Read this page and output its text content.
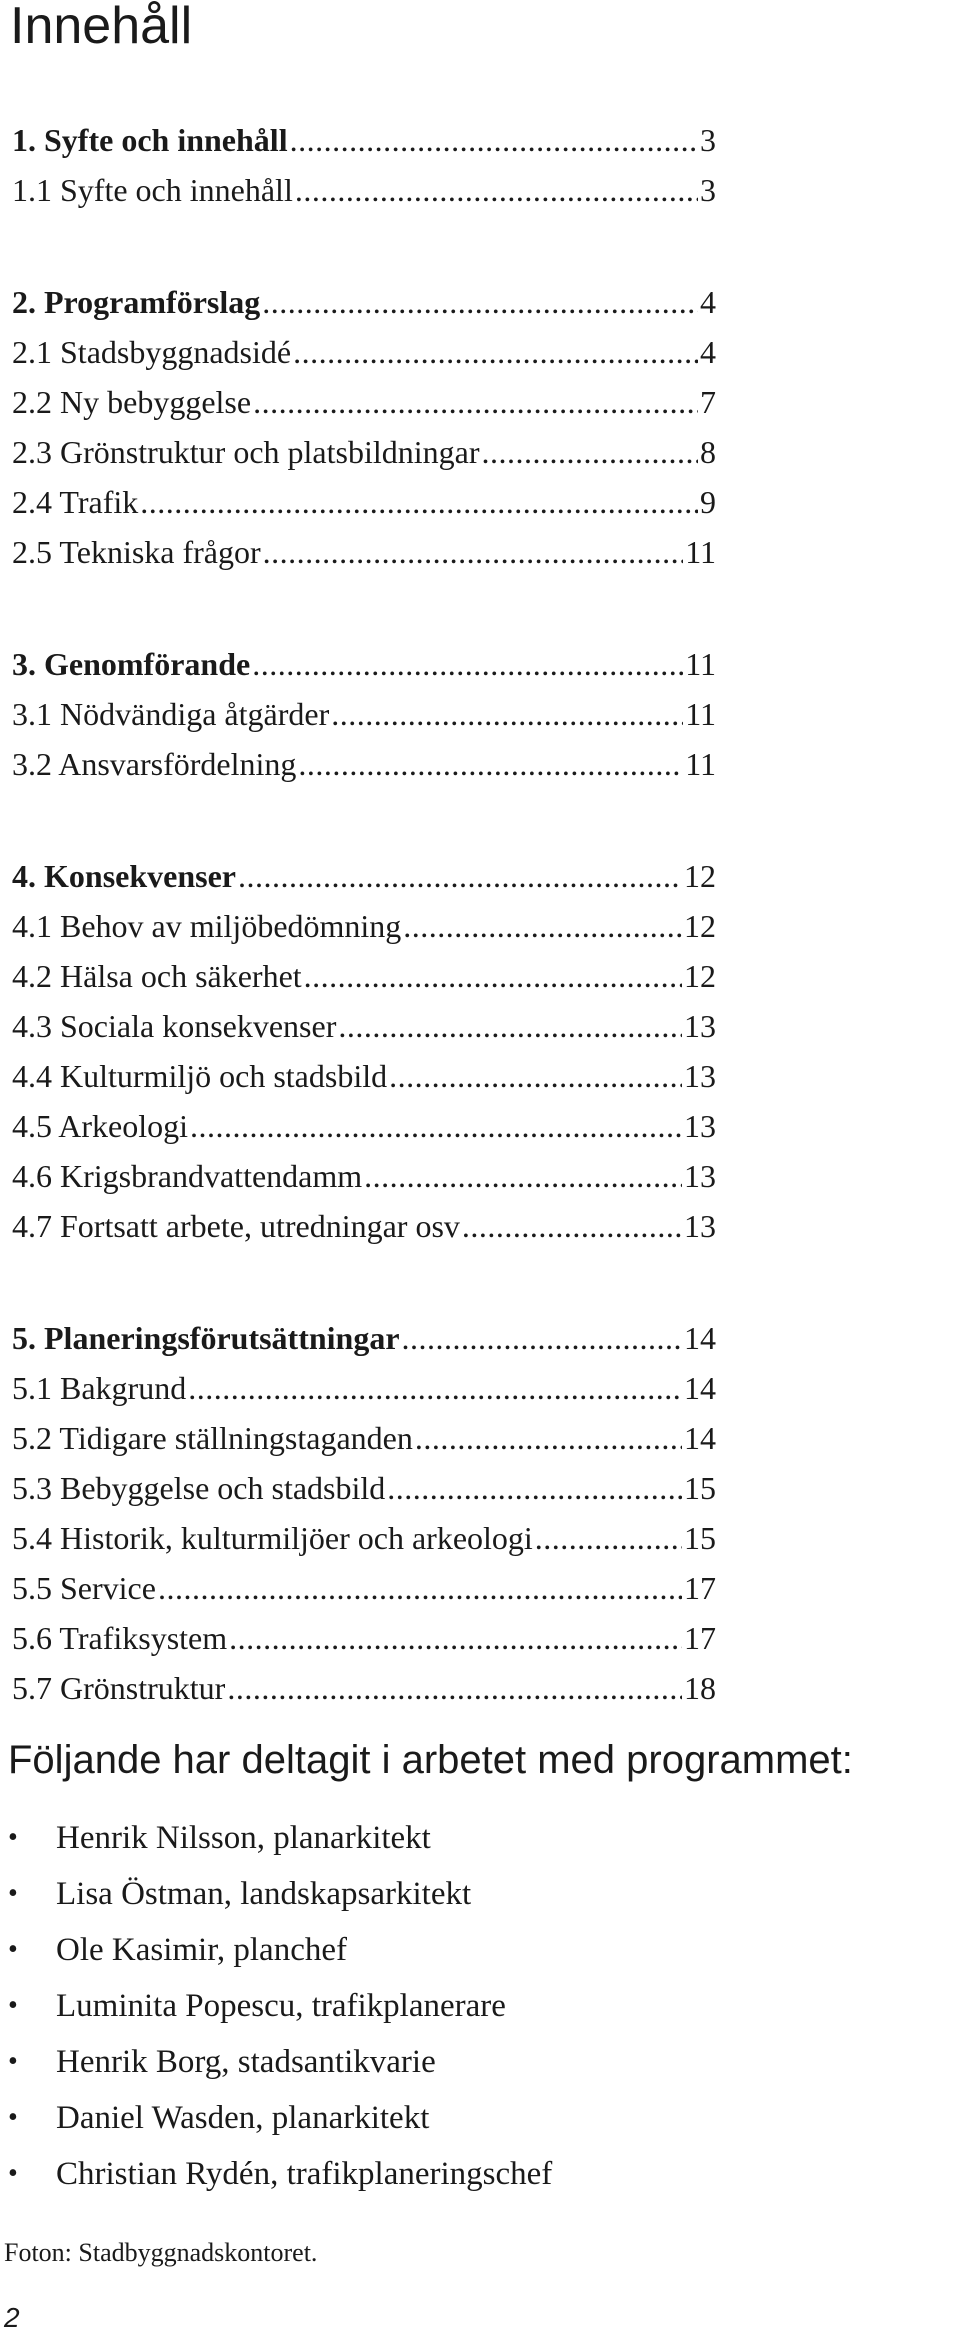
Innehåll
1. Syfte och innehåll .....	3
1.1 Syfte och innehåll .....	3
2. Programförslag .....	4
2.1 Stadsbyggnadsidé .....	4
2.2 Ny bebyggelse .....	7
2.3 Grönstruktur och platsbildningar .....	8
2.4 Trafik .....	9
2.5 Tekniska frågor .....	11
3. Genomförande .....	11
3.1 Nödvändiga åtgärder .....	11
3.2 Ansvarsfördelning .....	11
4. Konsekvenser .....	12
4.1 Behov av miljöbedömning .....	12
4.2 Hälsa och säkerhet .....	12
4.3 Sociala konsekvenser .....	13
4.4 Kulturmiljö och stadsbild .....	13
4.5 Arkeologi .....	13
4.6 Krigsbrandvattendamm .....	13
4.7 Fortsatt arbete, utredningar osv .....	13
5. Planeringsförutsättningar .....	14
5.1 Bakgrund .....	14
5.2 Tidigare ställningstaganden .....	14
5.3 Bebyggelse och stadsbild .....	15
5.4 Historik, kulturmiljöer och arkeologi .....	15
5.5 Service .....	17
5.6 Trafiksystem .....	17
5.7 Grönstruktur .....	18
Följande har deltagit i arbetet med programmet:
•	Henrik Nilsson, planarkitekt
•	Lisa Östman, landskapsarkitekt
•	Ole Kasimir, planchef
•	Luminita Popescu, trafikplanerare
•	Henrik Borg, stadsantikvarie
•	Daniel Wasden, planarkitekt
•	Christian Rydén, trafikplaneringschef

Foton: Stadbyggnadskontoret.

2
